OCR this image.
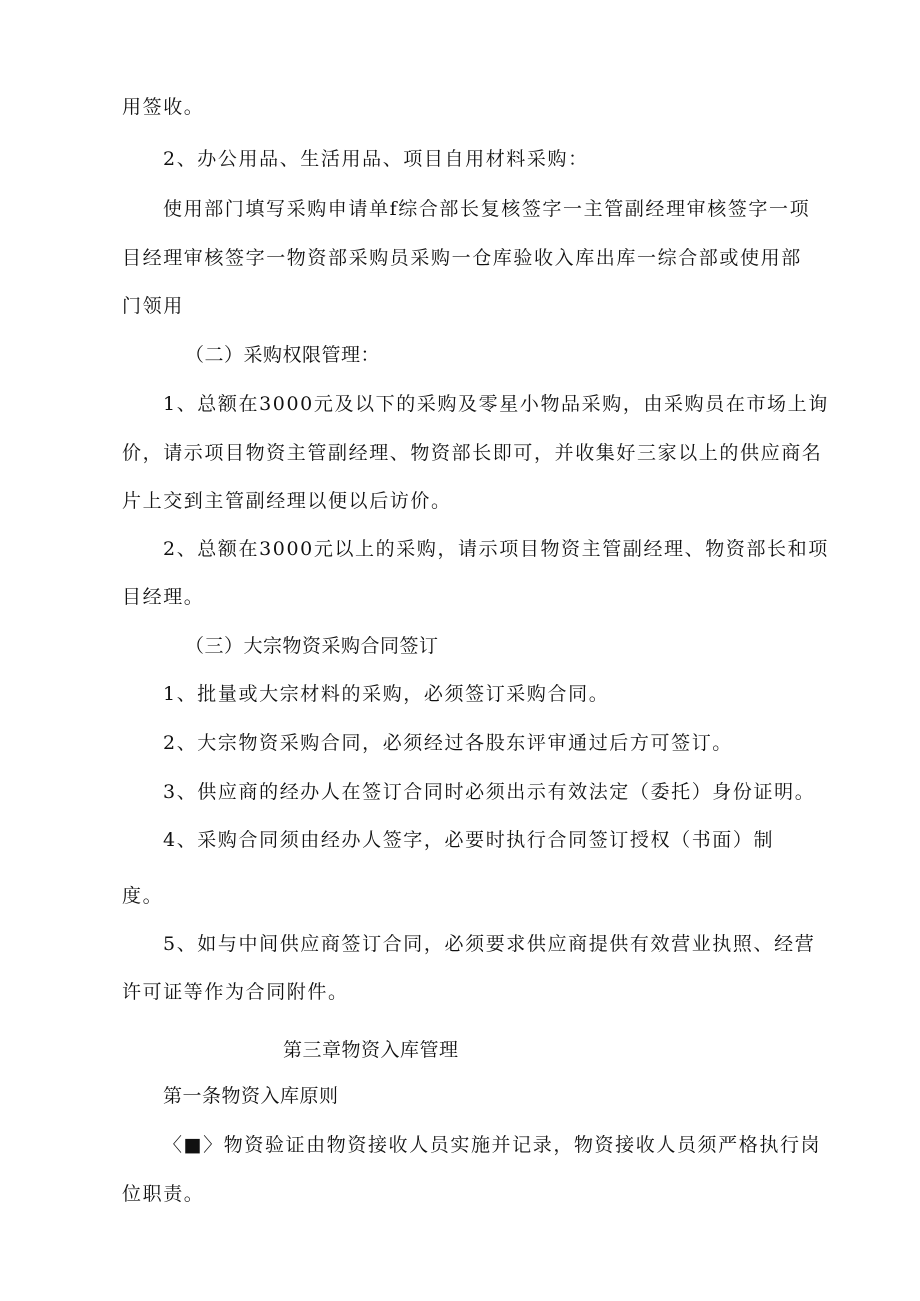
用签收。
2、办公用品、生活用品、项目自用材料采购：
使用部门填写采购申请单f综合部长复核签字一主管副经理审核签字一项
目经理审核签字一物资部采购员采购一仓库验收入库出库一综合部或使用部
门领用
（二）采购权限管理：
1、总额在3000元及以下的采购及零星小物品采购，由采购员在市场上询
价，请示项目物资主管副经理、物资部长即可，并收集好三家以上的供应商名
片上交到主管副经理以便以后访价。
2、总额在3000元以上的采购，请示项目物资主管副经理、物资部长和项
目经理。
（三）大宗物资采购合同签订
1、批量或大宗材料的采购，必须签订采购合同。
2、大宗物资采购合同，必须经过各股东评审通过后方可签订。
3、供应商的经办人在签订合同时必须出示有效法定（委托）身份证明。
4、采购合同须由经办人签字，必要时执行合同签订授权（书面）制
度。
5、如与中间供应商签订合同，必须要求供应商提供有效营业执照、经营
许可证等作为合同附件。
第三章物资入库管理
第一条物资入库原则
〈■〉物资验证由物资接收人员实施并记录，物资接收人员须严格执行岗
位职责。
